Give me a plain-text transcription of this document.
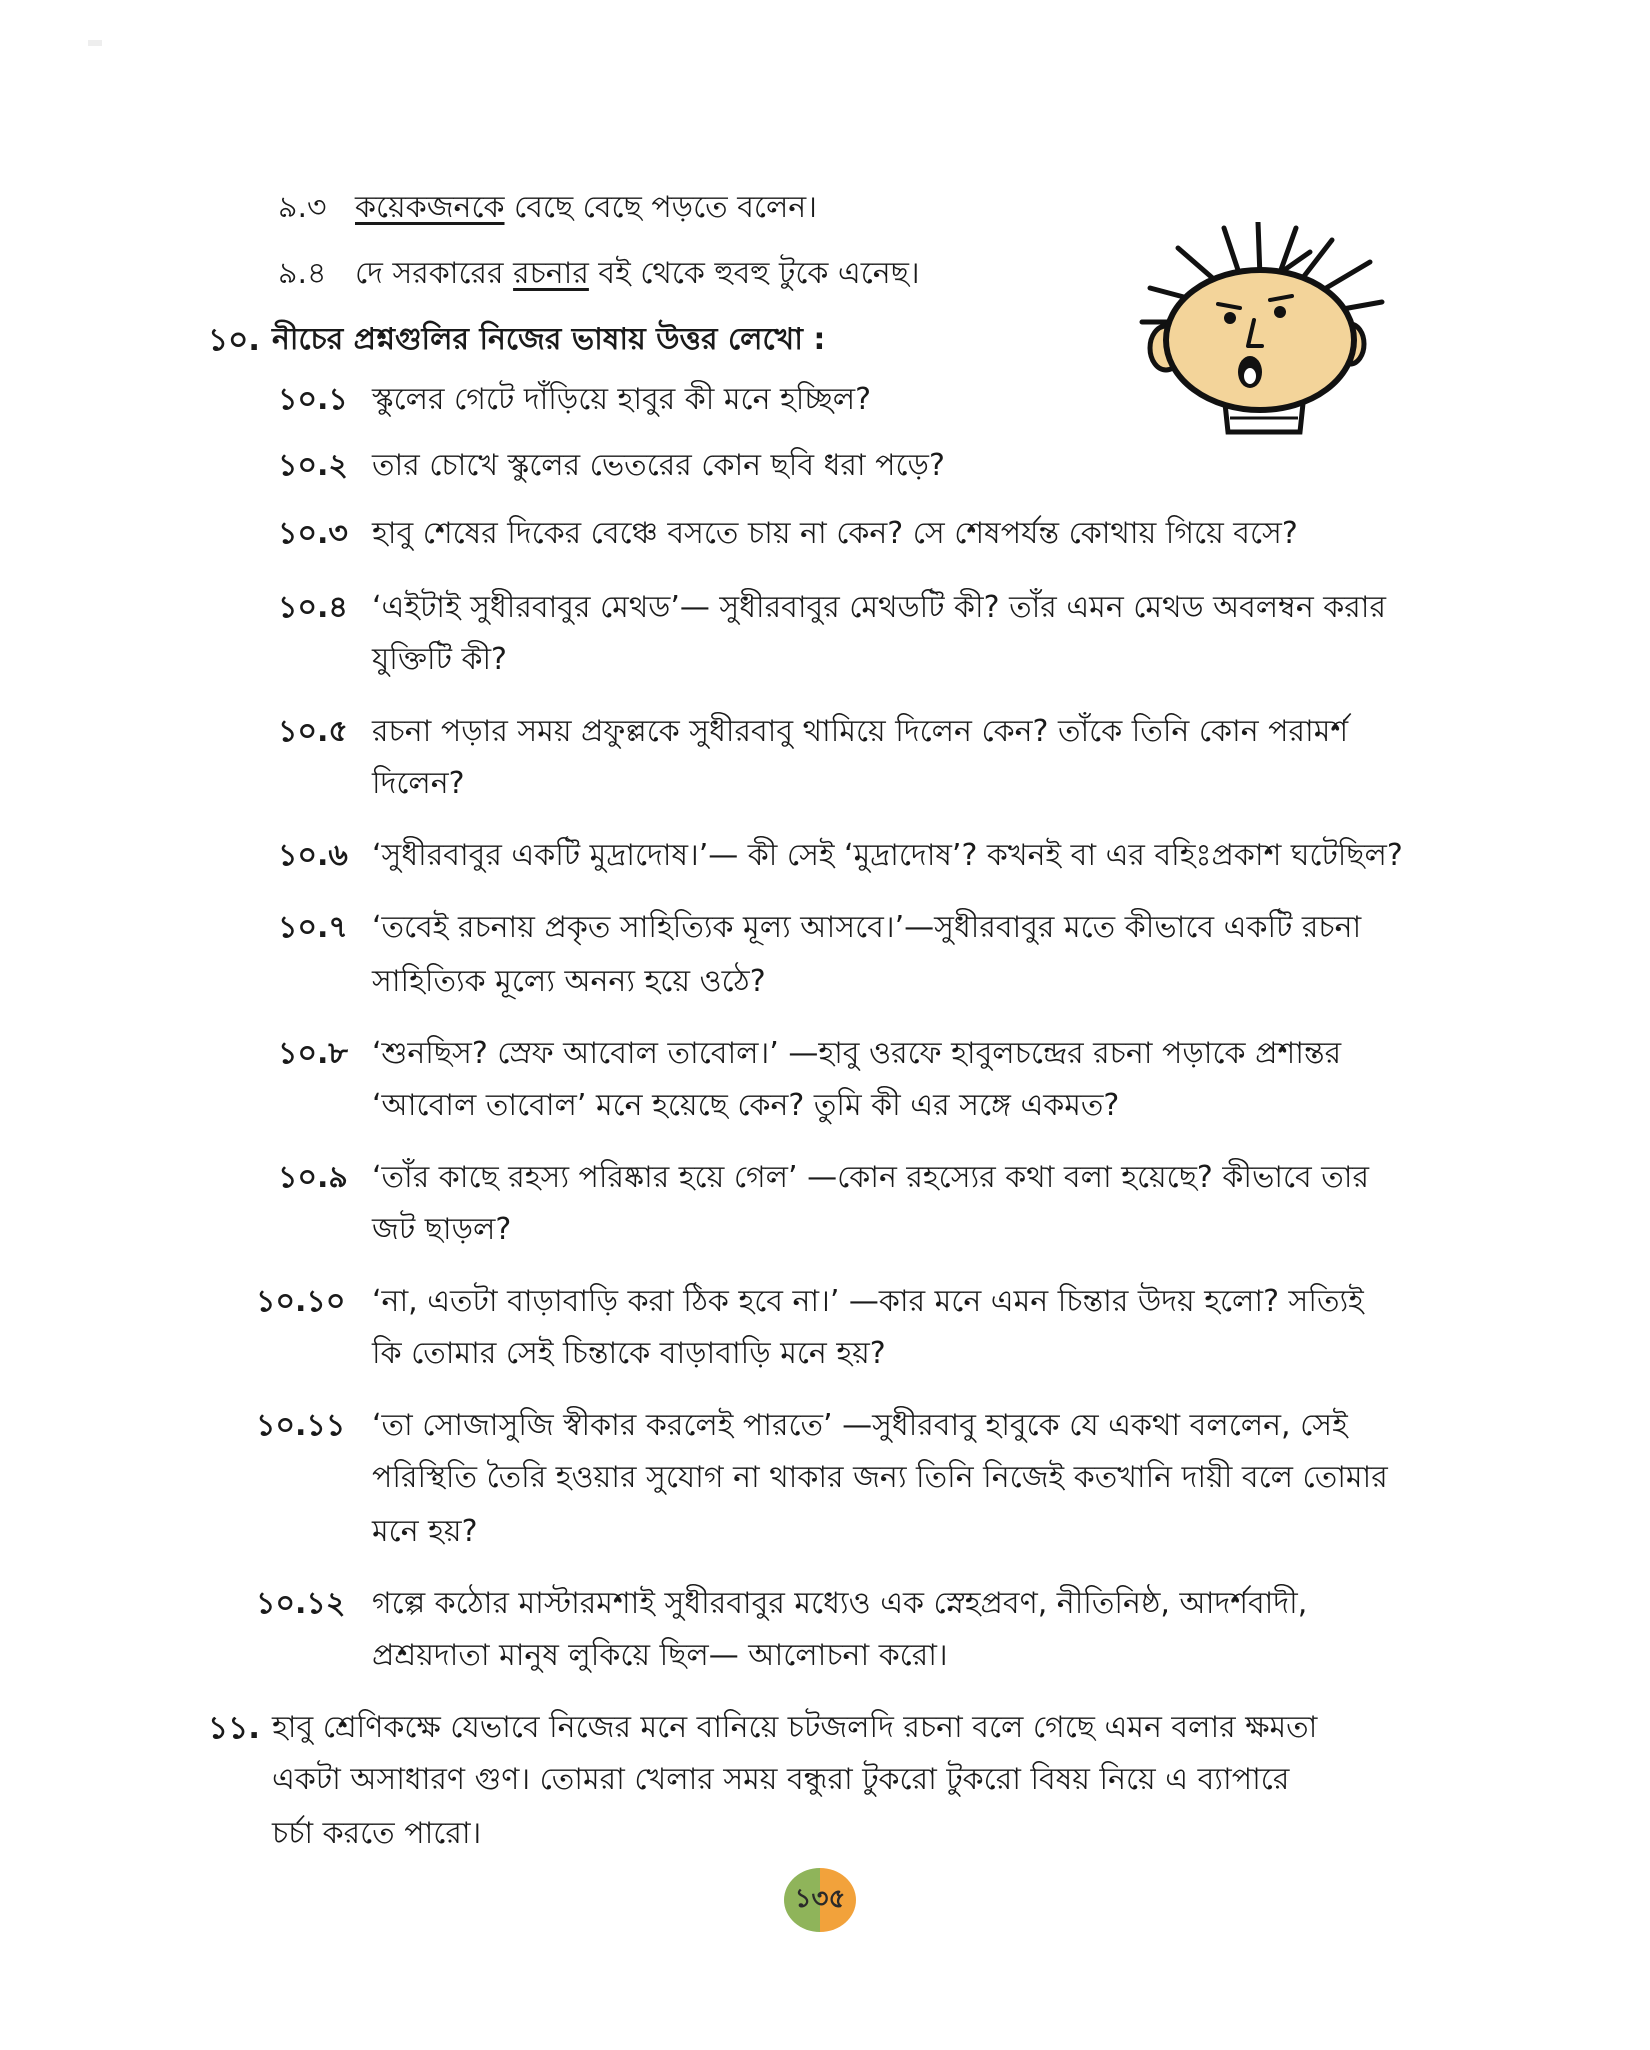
৯.৩ কয়েকজনকে বেছে বেছে পড়তে বলেন।
৯.৪ দে সরকারের রচনার বই থেকে হুবহু টুকে এনেছ।
১০. নীচের প্রশ্নগুলির নিজের ভাষায় উত্তর লেখো :
১০.১ স্কুলের গেটে দাঁড়িয়ে হাবুর কী মনে হচ্ছিল?
১০.২ তার চোখে স্কুলের ভেতরের কোন ছবি ধরা পড়ে?
১০.৩ হাবু শেষের দিকের বেঞ্চে বসতে চায় না কেন? সে শেষপর্যন্ত কোথায় গিয়ে বসে?
১০.৪ ‘এইটাই সুধীরবাবুর মেথড’— সুধীরবাবুর মেথডটি কী? তাঁর এমন মেথড অবলম্বন করার
যুক্তিটি কী?
১০.৫ রচনা পড়ার সময় প্রফুল্লকে সুধীরবাবু থামিয়ে দিলেন কেন? তাঁকে তিনি কোন পরামর্শ
দিলেন?
১০.৬ ‘সুধীরবাবুর একটি মুদ্রাদোষ।’— কী সেই ‘মুদ্রাদোষ’? কখনই বা এর বহিঃপ্রকাশ ঘটেছিল?
১০.৭ ‘তবেই রচনায় প্রকৃত সাহিত্যিক মূল্য আসবে।’—সুধীরবাবুর মতে কীভাবে একটি রচনা
সাহিত্যিক মূল্যে অনন্য হয়ে ওঠে?
১০.৮ ‘শুনছিস? স্রেফ আবোল তাবোল।’ —হাবু ওরফে হাবুলচন্দ্রের রচনা পড়াকে প্রশান্তর
‘আবোল তাবোল’ মনে হয়েছে কেন? তুমি কী এর সঙ্গে একমত?
১০.৯ ‘তাঁর কাছে রহস্য পরিষ্কার হয়ে গেল’ —কোন রহস্যের কথা বলা হয়েছে? কীভাবে তার
জট ছাড়ল?
১০.১০ ‘না, এতটা বাড়াবাড়ি করা ঠিক হবে না।’ —কার মনে এমন চিন্তার উদয় হলো? সত্যিই
কি তোমার সেই চিন্তাকে বাড়াবাড়ি মনে হয়?
১০.১১ ‘তা সোজাসুজি স্বীকার করলেই পারতে’ —সুধীরবাবু হাবুকে যে একথা বললেন, সেই
পরিস্থিতি তৈরি হওয়ার সুযোগ না থাকার জন্য তিনি নিজেই কতখানি দায়ী বলে তোমার
মনে হয়?
১০.১২ গল্পে কঠোর মাস্টারমশাই সুধীরবাবুর মধ্যেও এক স্নেহপ্রবণ, নীতিনিষ্ঠ, আদর্শবাদী,
প্রশ্রয়দাতা মানুষ লুকিয়ে ছিল— আলোচনা করো।
১১. হাবু শ্রেণিকক্ষে যেভাবে নিজের মনে বানিয়ে চটজলদি রচনা বলে গেছে এমন বলার ক্ষমতা
একটা অসাধারণ গুণ। তোমরা খেলার সময় বন্ধুরা টুকরো টুকরো বিষয় নিয়ে এ ব্যাপারে
চর্চা করতে পারো।
১৩৫
